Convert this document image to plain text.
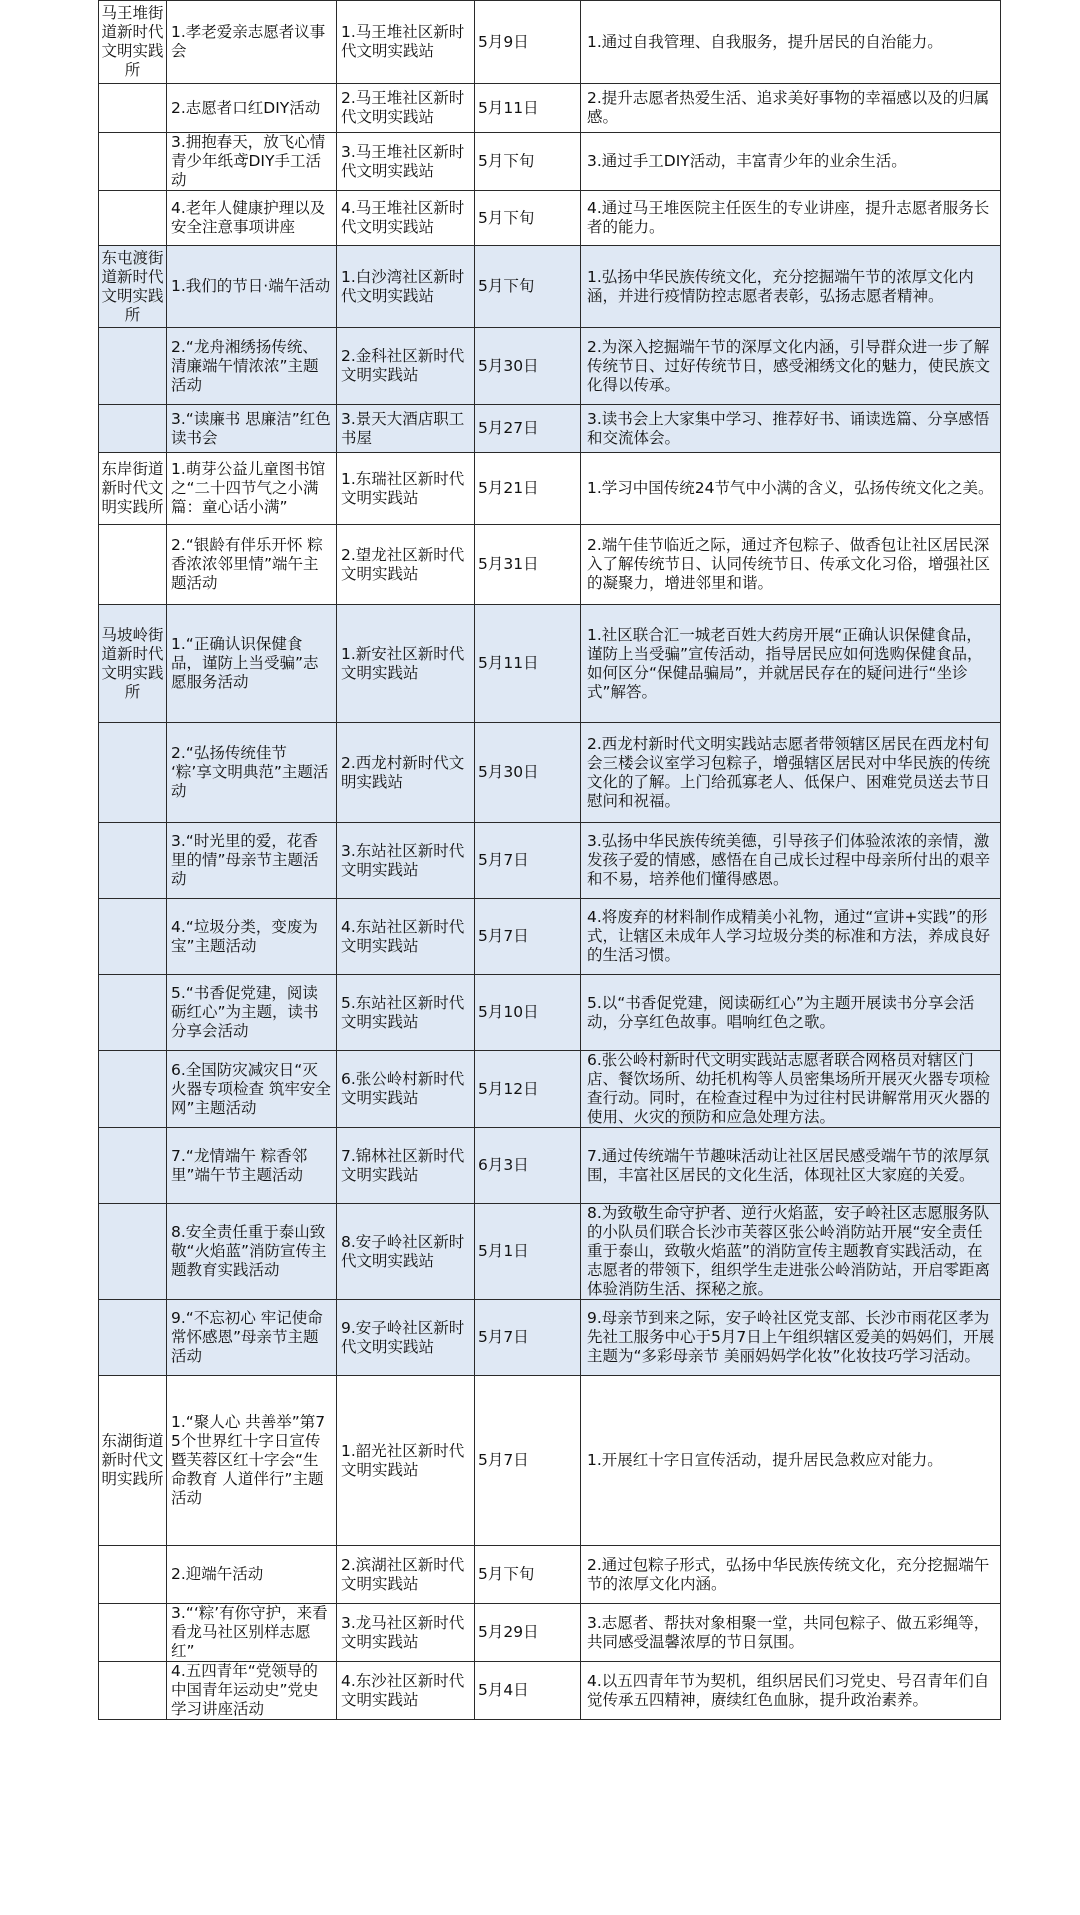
马王堆街道新时代文明实践所	1.孝老爱亲志愿者议事会	1.马王堆社区新时代文明实践站	5月9日	1.通过自我管理、自我服务，提升居民的自治能力。
	2.志愿者口红DIY活动	2.马王堆社区新时代文明实践站	5月11日	2.提升志愿者热爱生活、追求美好事物的幸福感以及的归属感。
	3.拥抱春天，放飞心情青少年纸鸢DIY手工活动	3.马王堆社区新时代文明实践站	5月下旬	3.通过手工DIY活动，丰富青少年的业余生活。
	4.老年人健康护理以及安全注意事项讲座	4.马王堆社区新时代文明实践站	5月下旬	4.通过马王堆医院主任医生的专业讲座，提升志愿者服务长者的能力。
东屯渡街道新时代文明实践所	1.我们的节日·端午活动	1.白沙湾社区新时代文明实践站	5月下旬	1.弘扬中华民族传统文化，充分挖掘端午节的浓厚文化内涵，并进行疫情防控志愿者表彰，弘扬志愿者精神。
	2.“龙舟湘绣扬传统、清廉端午情浓浓”主题活动	2.金科社区新时代文明实践站	5月30日	2.为深入挖掘端午节的深厚文化内涵，引导群众进一步了解传统节日、过好传统节日，感受湘绣文化的魅力，使民族文化得以传承。
	3.“读廉书 思廉洁”红色读书会	3.景天大酒店职工书屋	5月27日	3.读书会上大家集中学习、推荐好书、诵读选篇、分享感悟和交流体会。
东岸街道新时代文明实践所	1.萌芽公益儿童图书馆之“二十四节气之小满篇：童心话小满”	1.东瑞社区新时代文明实践站	5月21日	1.学习中国传统24节气中小满的含义，弘扬传统文化之美。
	2.“银龄有伴乐开怀 粽香浓浓邻里情”端午主题活动	2.望龙社区新时代文明实践站	5月31日	2.端午佳节临近之际，通过齐包粽子、做香包让社区居民深入了解传统节日、认同传统节日、传承文化习俗，增强社区的凝聚力，增进邻里和谐。
马坡岭街道新时代文明实践所	1.“正确认识保健食品，谨防上当受骗”志愿服务活动	1.新安社区新时代文明实践站	5月11日	1.社区联合汇一城老百姓大药房开展“正确认识保健食品，谨防上当受骗”宣传活动，指导居民应如何选购保健食品，如何区分“保健品骗局”，并就居民存在的疑问进行“坐诊式”解答。
	2.“弘扬传统佳节 ‘粽’享文明典范”主题活动	2.西龙村新时代文明实践站	5月30日	2.西龙村新时代文明实践站志愿者带领辖区居民在西龙村旬会三楼会议室学习包粽子，增强辖区居民对中华民族的传统文化的了解。上门给孤寡老人、低保户、困难党员送去节日慰问和祝福。
	3.“时光里的爱，花香里的情”母亲节主题活动	3.东站社区新时代文明实践站	5月7日	3.弘扬中华民族传统美德，引导孩子们体验浓浓的亲情，激发孩子爱的情感，感悟在自己成长过程中母亲所付出的艰辛和不易，培养他们懂得感恩。
	4.“垃圾分类，变废为宝”主题活动	4.东站社区新时代文明实践站	5月7日	4.将废弃的材料制作成精美小礼物，通过“宣讲+实践”的形式，让辖区未成年人学习垃圾分类的标准和方法，养成良好的生活习惯。
	5.“书香促党建，阅读砺红心”为主题，读书分享会活动	5.东站社区新时代文明实践站	5月10日	5.以“书香促党建，阅读砺红心”为主题开展读书分享会活动，分享红色故事。唱响红色之歌。
	6.全国防灾减灾日“灭火器专项检查 筑牢安全网”主题活动	6.张公岭村新时代文明实践站	5月12日	6.张公岭村新时代文明实践站志愿者联合网格员对辖区门店、餐饮场所、幼托机构等人员密集场所开展灭火器专项检查行动。同时，在检查过程中为过往村民讲解常用灭火器的使用、火灾的预防和应急处理方法。
	7.“龙情端午 粽香邻里”端午节主题活动	7.锦林社区新时代文明实践站	6月3日	7.通过传统端午节趣味活动让社区居民感受端午节的浓厚氛围，丰富社区居民的文化生活，体现社区大家庭的关爱。
	8.安全责任重于泰山致敬“火焰蓝”消防宣传主题教育实践活动	8.安子岭社区新时代文明实践站	5月1日	8.为致敬生命守护者、逆行火焰蓝，安子岭社区志愿服务队的小队员们联合长沙市芙蓉区张公岭消防站开展“安全责任重于泰山，致敬火焰蓝”的消防宣传主题教育实践活动，在志愿者的带领下，组织学生走进张公岭消防站，开启零距离体验消防生活、探秘之旅。
	9.“不忘初心 牢记使命常怀感恩”母亲节主题活动	9.安子岭社区新时代文明实践站	5月7日	9.母亲节到来之际，安子岭社区党支部、长沙市雨花区孝为先社工服务中心于5月7日上午组织辖区爱美的妈妈们，开展主题为“多彩母亲节 美丽妈妈学化妆”化妆技巧学习活动。
东湖街道新时代文明实践所	1.“聚人心 共善举”第75个世界红十字日宣传暨芙蓉区红十字会“生命教育 人道伴行”主题活动	1.韶光社区新时代文明实践站	5月7日	1.开展红十字日宣传活动，提升居民急救应对能力。
	2.迎端午活动	2.滨湖社区新时代文明实践站	5月下旬	2.通过包粽子形式，弘扬中华民族传统文化，充分挖掘端午节的浓厚文化内涵。
	3.“‘粽’有你守护，来看看龙马社区别样志愿红”	3.龙马社区新时代文明实践站	5月29日	3.志愿者、帮扶对象相聚一堂，共同包粽子、做五彩绳等，共同感受温馨浓厚的节日氛围。
	4.五四青年“党领导的中国青年运动史”党史学习讲座活动	4.东沙社区新时代文明实践站	5月4日	4.以五四青年节为契机，组织居民们习党史、号召青年们自觉传承五四精神，赓续红色血脉，提升政治素养。
